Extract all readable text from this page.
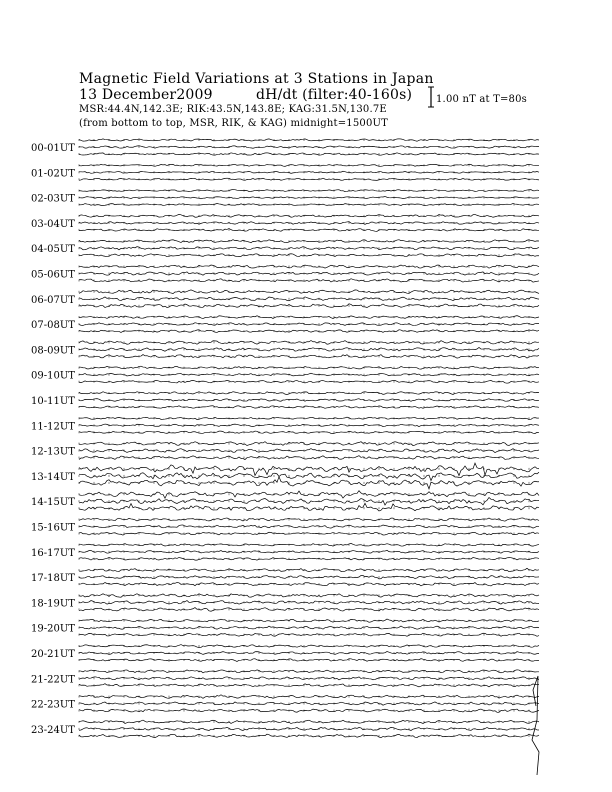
Magnetic Field Variations at 3 Stations in Japan
13 December2009	dH/dt (filter:40-160s)
MSR:44.4N,142.3E; RIK:43.5N,143.8E; KAG:31.5N,130.7E
(from bottom to top, MSR, RIK, & KAG) midnight=1500UT
1.00 nT at T=80s
00-01UT
01-02UT
02-03UT
03-04UT
04-05UT
05-06UT
06-07UT
07-08UT
08-09UT
09-10UT
10-11UT
11-12UT
12-13UT
13-14UT
14-15UT
15-16UT
16-17UT
17-18UT
18-19UT
19-20UT
20-21UT
21-22UT
22-23UT
23-24UT
